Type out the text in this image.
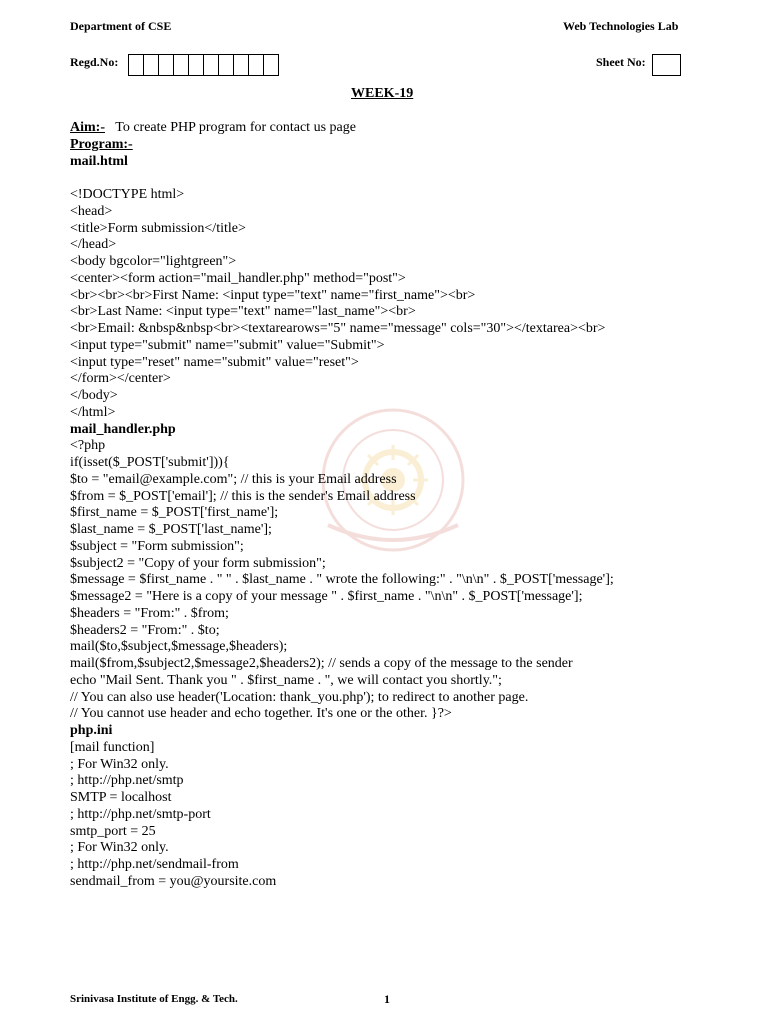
Department of CSE	Web Technologies Lab
Regd.No:	Sheet No:
WEEK-19
Aim:- To create PHP program for contact us page
Program:-
mail.html
<!DOCTYPE html>
<head>
<title>Form submission</title>
</head>
<body bgcolor="lightgreen">
<center><form action="mail_handler.php" method="post">
<br><br><br>First Name: <input type="text" name="first_name"><br>
<br>Last Name: <input type="text" name="last_name"><br>
<br>Email: &nbsp&nbsp<br><textarearows="5" name="message" cols="30"></textarea><br>
<input type="submit" name="submit" value="Submit">
<input type="reset" name="submit" value="reset">
</form></center>
</body>
</html>
mail_handler.php
<?php
if(isset($_POST['submit'])){
$to = "email@example.com"; // this is your Email address
$from = $_POST['email']; // this is the sender's Email address
$first_name = $_POST['first_name'];
$last_name = $_POST['last_name'];
$subject = "Form submission";
$subject2 = "Copy of your form submission";
$message = $first_name . " " . $last_name . " wrote the following:" . "\n\n" . $_POST['message'];
$message2 = "Here is a copy of your message " . $first_name . "\n\n" . $_POST['message'];
$headers = "From:" . $from;
$headers2 = "From:" . $to;
mail($to,$subject,$message,$headers);
mail($from,$subject2,$message2,$headers2); // sends a copy of the message to the sender
echo "Mail Sent. Thank you " . $first_name . ", we will contact you shortly.";
// You can also use header('Location: thank_you.php'); to redirect to another page.
// You cannot use header and echo together. It's one or the other. }?>
php.ini
[mail function]
; For Win32 only.
; http://php.net/smtp
SMTP = localhost
; http://php.net/smtp-port
smtp_port = 25
; For Win32 only.
; http://php.net/sendmail-from
sendmail_from = you@yoursite.com
Srinivasa Institute of Engg. & Tech.	1
